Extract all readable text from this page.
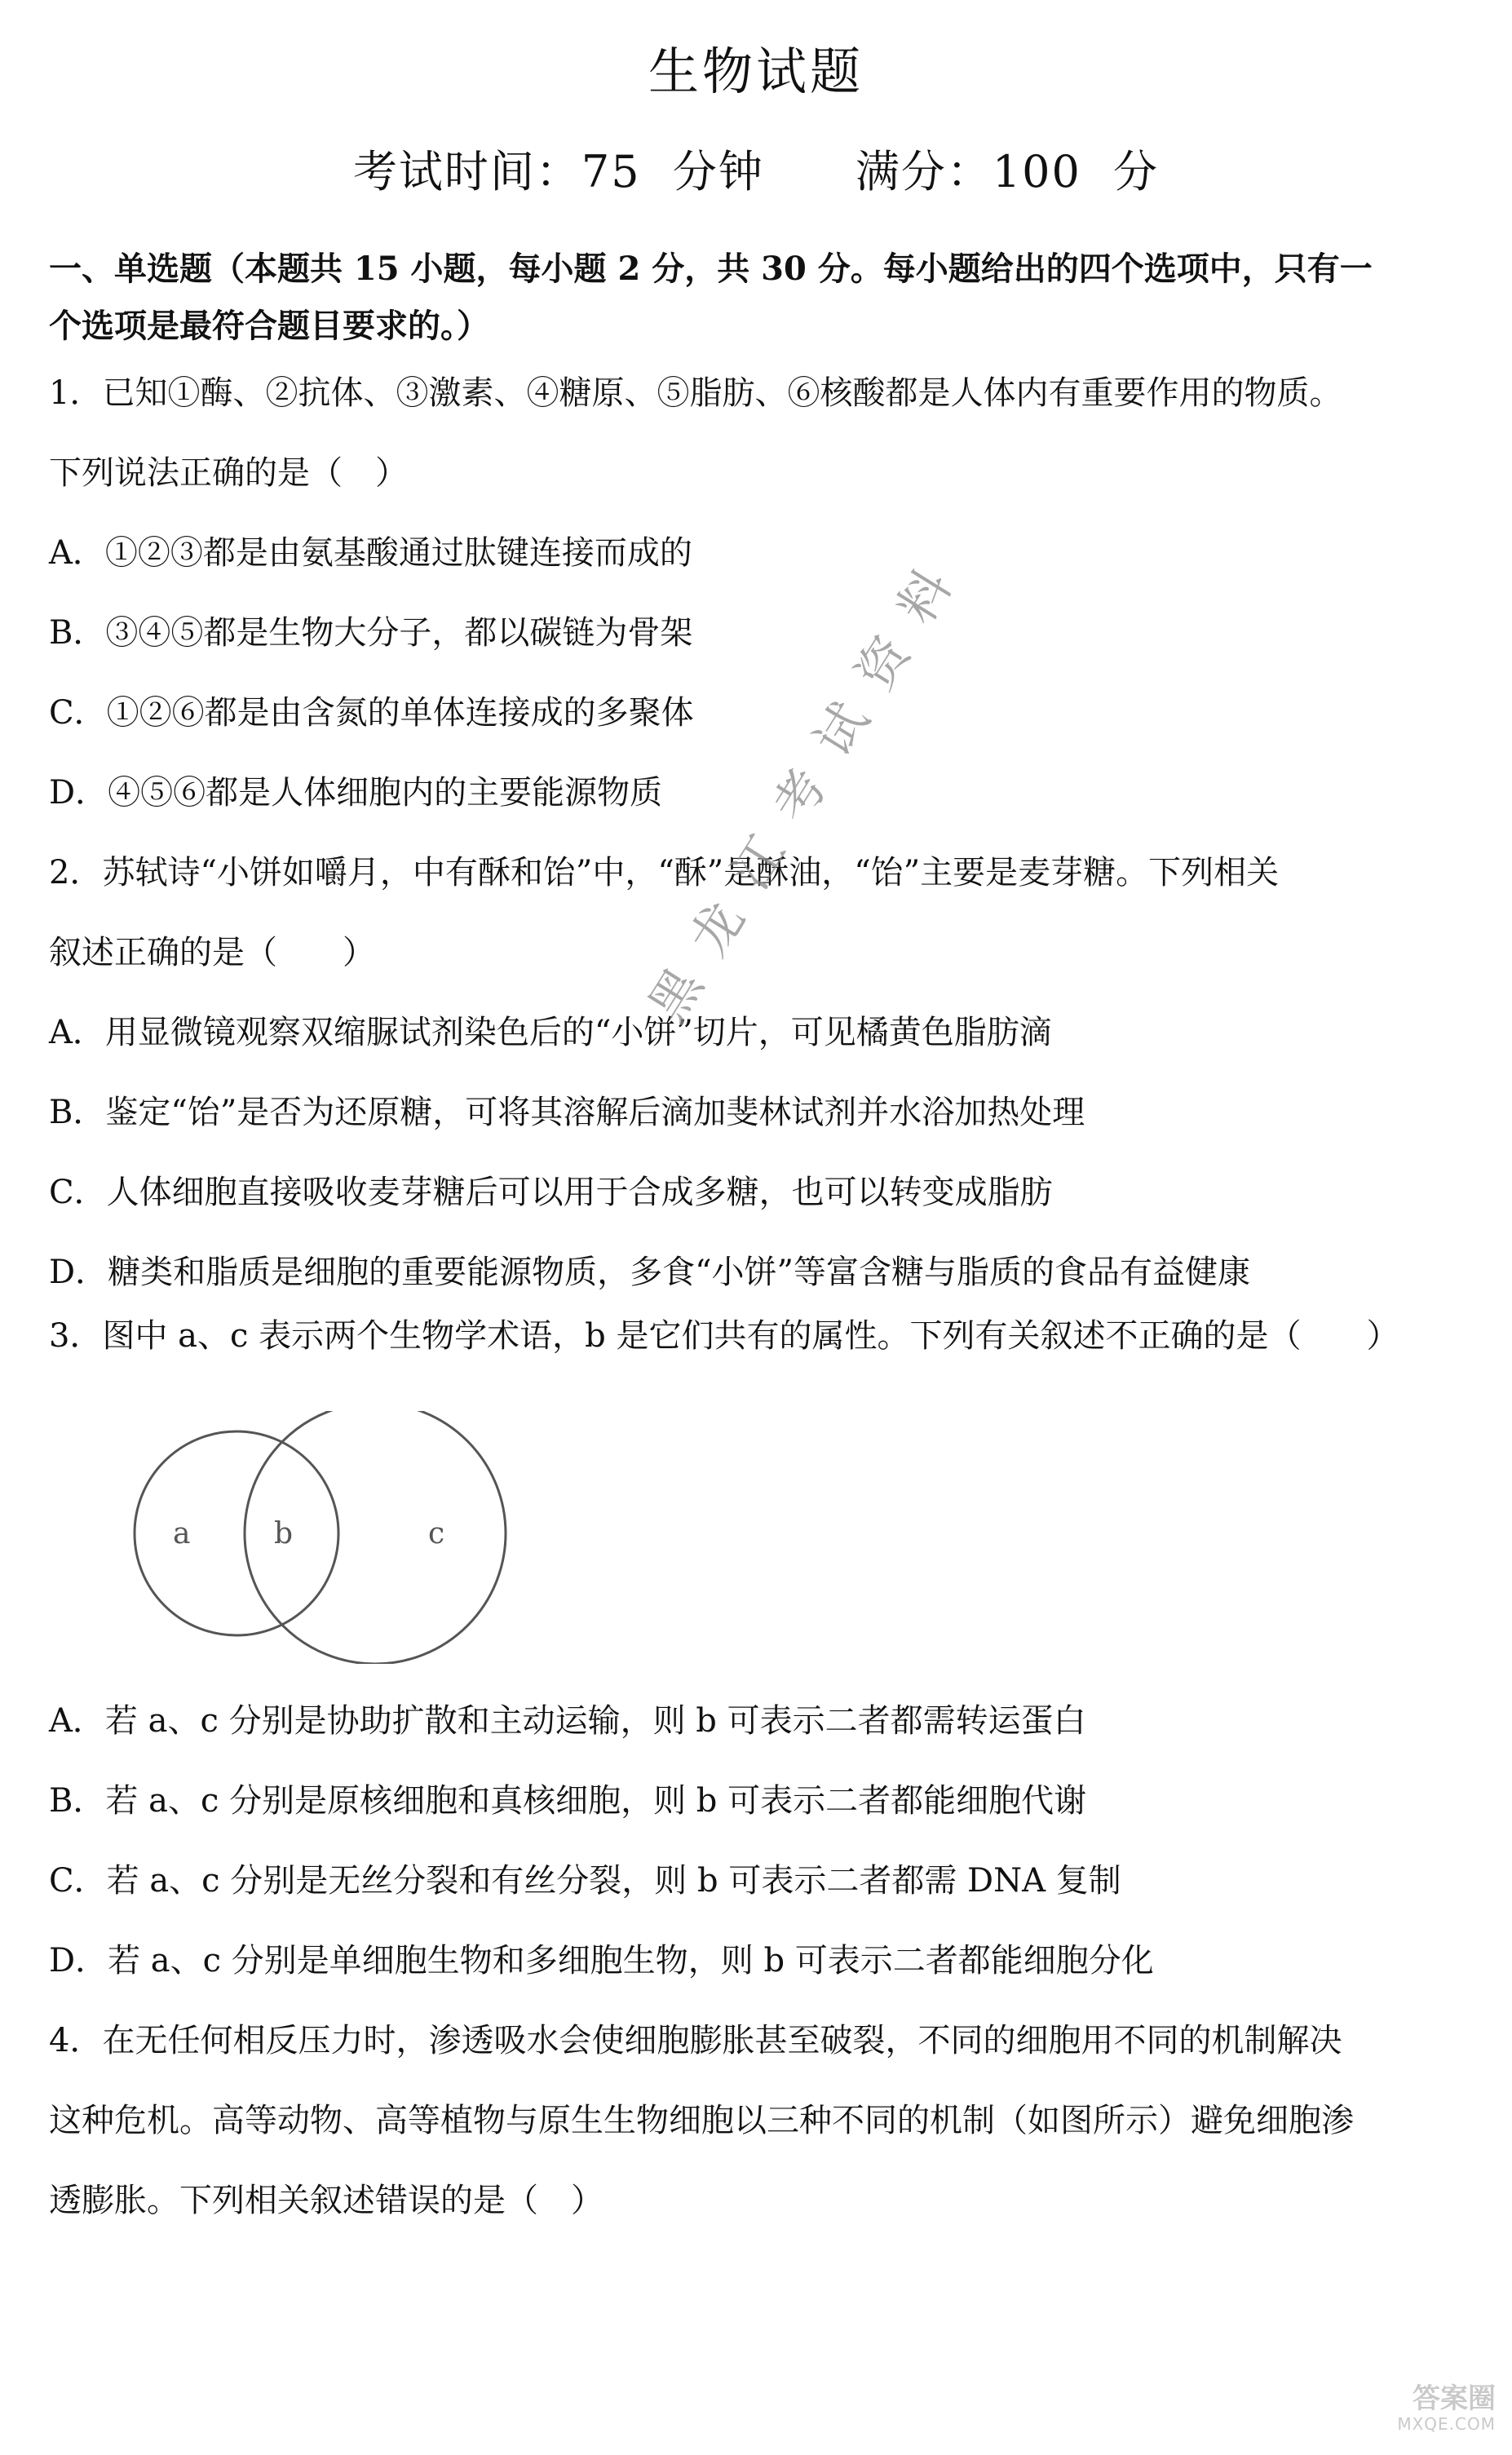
生物试题
考试时间：75 分钟　　满分：100 分
一、单选题（本题共 15 小题，每小题 2 分，共 30 分。每小题给出的四个选项中，只有一
个选项是最符合题目要求的。）
1．已知①酶、②抗体、③激素、④糖原、⑤脂肪、⑥核酸都是人体内有重要作用的物质。
下列说法正确的是（　）
A．①②③都是由氨基酸通过肽键连接而成的
B．③④⑤都是生物大分子，都以碳链为骨架
C．①②⑥都是由含氮的单体连接成的多聚体
D．④⑤⑥都是人体细胞内的主要能源物质
2．苏轼诗“小饼如嚼月，中有酥和饴”中，“酥”是酥油，“饴”主要是麦芽糖。下列相关
叙述正确的是（　　）
A．用显微镜观察双缩脲试剂染色后的“小饼”切片，可见橘黄色脂肪滴
B．鉴定“饴”是否为还原糖，可将其溶解后滴加斐林试剂并水浴加热处理
C．人体细胞直接吸收麦芽糖后可以用于合成多糖，也可以转变成脂肪
D．糖类和脂质是细胞的重要能源物质，多食“小饼”等富含糖与脂质的食品有益健康
3．图中 a、c 表示两个生物学术语，b 是它们共有的属性。下列有关叙述不正确的是（　　）
a	b	c
A．若 a、c 分别是协助扩散和主动运输，则 b 可表示二者都需转运蛋白
B．若 a、c 分别是原核细胞和真核细胞，则 b 可表示二者都能细胞代谢
C．若 a、c 分别是无丝分裂和有丝分裂，则 b 可表示二者都需 DNA 复制
D．若 a、c 分别是单细胞生物和多细胞生物，则 b 可表示二者都能细胞分化
4．在无任何相反压力时，渗透吸水会使细胞膨胀甚至破裂，不同的细胞用不同的机制解决
这种危机。高等动物、高等植物与原生生物细胞以三种不同的机制（如图所示）避免细胞渗
透膨胀。下列相关叙述错误的是（　）
黑龙江考试资料
答案圈
MXQE.COM
